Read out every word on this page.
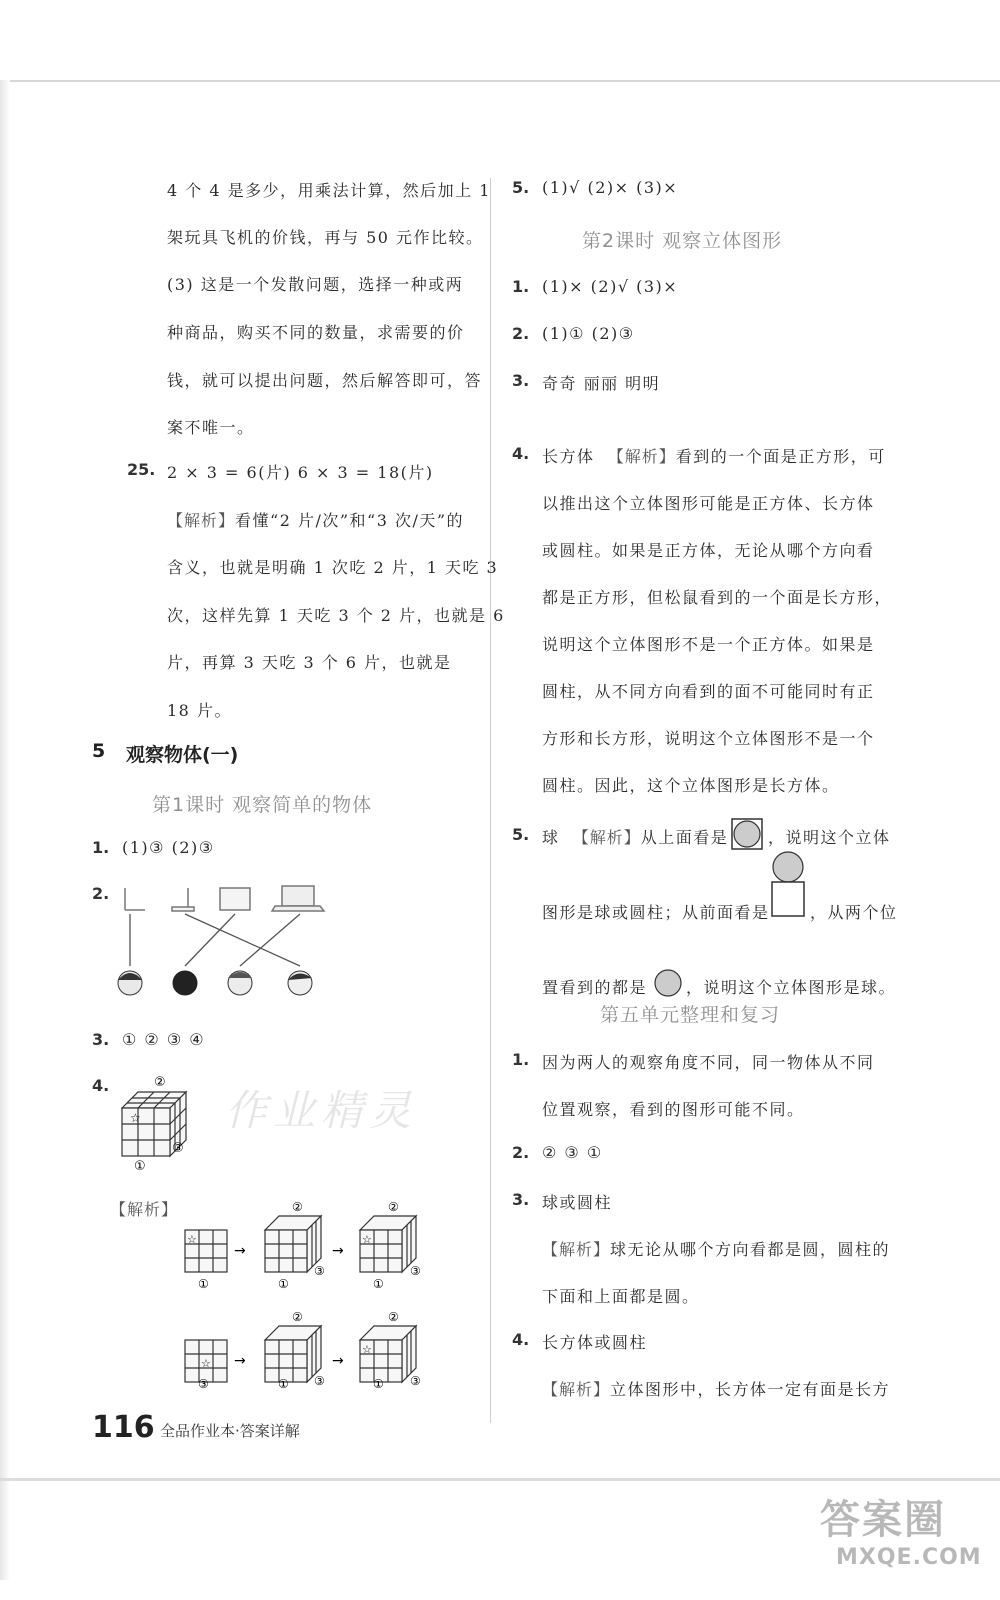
4 个 4 是多少，用乘法计算，然后加上 1
架玩具飞机的价钱，再与 50 元作比较。
(3) 这是一个发散问题，选择一种或两
种商品，购买不同的数量，求需要的价
钱，就可以提出问题，然后解答即可，答
案不唯一。
25. 2 × 3 = 6(片) 6 × 3 = 18(片)
【解析】看懂“2 片/次”和“3 次/天”的
含义，也就是明确 1 次吃 2 片，1 天吃 3
次，这样先算 1 天吃 3 个 2 片，也就是 6
片，再算 3 天吃 3 个 6 片，也就是
18 片。
5 观察物体(一)
第1课时 观察简单的物体
1. (1)③ (2)③
2.
3. ① ② ③ ④
4.
☆
②
③
①
【解析】
☆
①
→
②
③
①
→
☆
②
③
①
☆
③
→
②
③
①
→
☆
②
③
①
作业精灵
5. (1)√ (2)× (3)×
第2课时 观察立体图形
1. (1)× (2)√ (3)×
2. (1)① (2)③
3. 奇奇 丽丽 明明
4. 长方体 【解析】看到的一个面是正方形，可
以推出这个立体图形可能是正方体、长方体
或圆柱。如果是正方体，无论从哪个方向看
都是正方形，但松鼠看到的一个面是长方形，
说明这个立体图形不是一个正方体。如果是
圆柱，从不同方向看到的面不可能同时有正
方形和长方形，说明这个立体图形不是一个
圆柱。因此，这个立体图形是长方体。
5. 球 【解析】从上面看是 ，说明这个立体
图形是球或圆柱；从前面看是	，从两个位
置看到的都是 ，说明这个立体图形是球。
第五单元整理和复习
1. 因为两人的观察角度不同，同一物体从不同
位置观察，看到的图形可能不同。
2. ② ③ ①
3. 球或圆柱
【解析】球无论从哪个方向看都是圆，圆柱的
下面和上面都是圆。
4. 长方体或圆柱
【解析】立体图形中，长方体一定有面是长方
116 全品作业本·答案详解
答案圈
MXQE.COM
